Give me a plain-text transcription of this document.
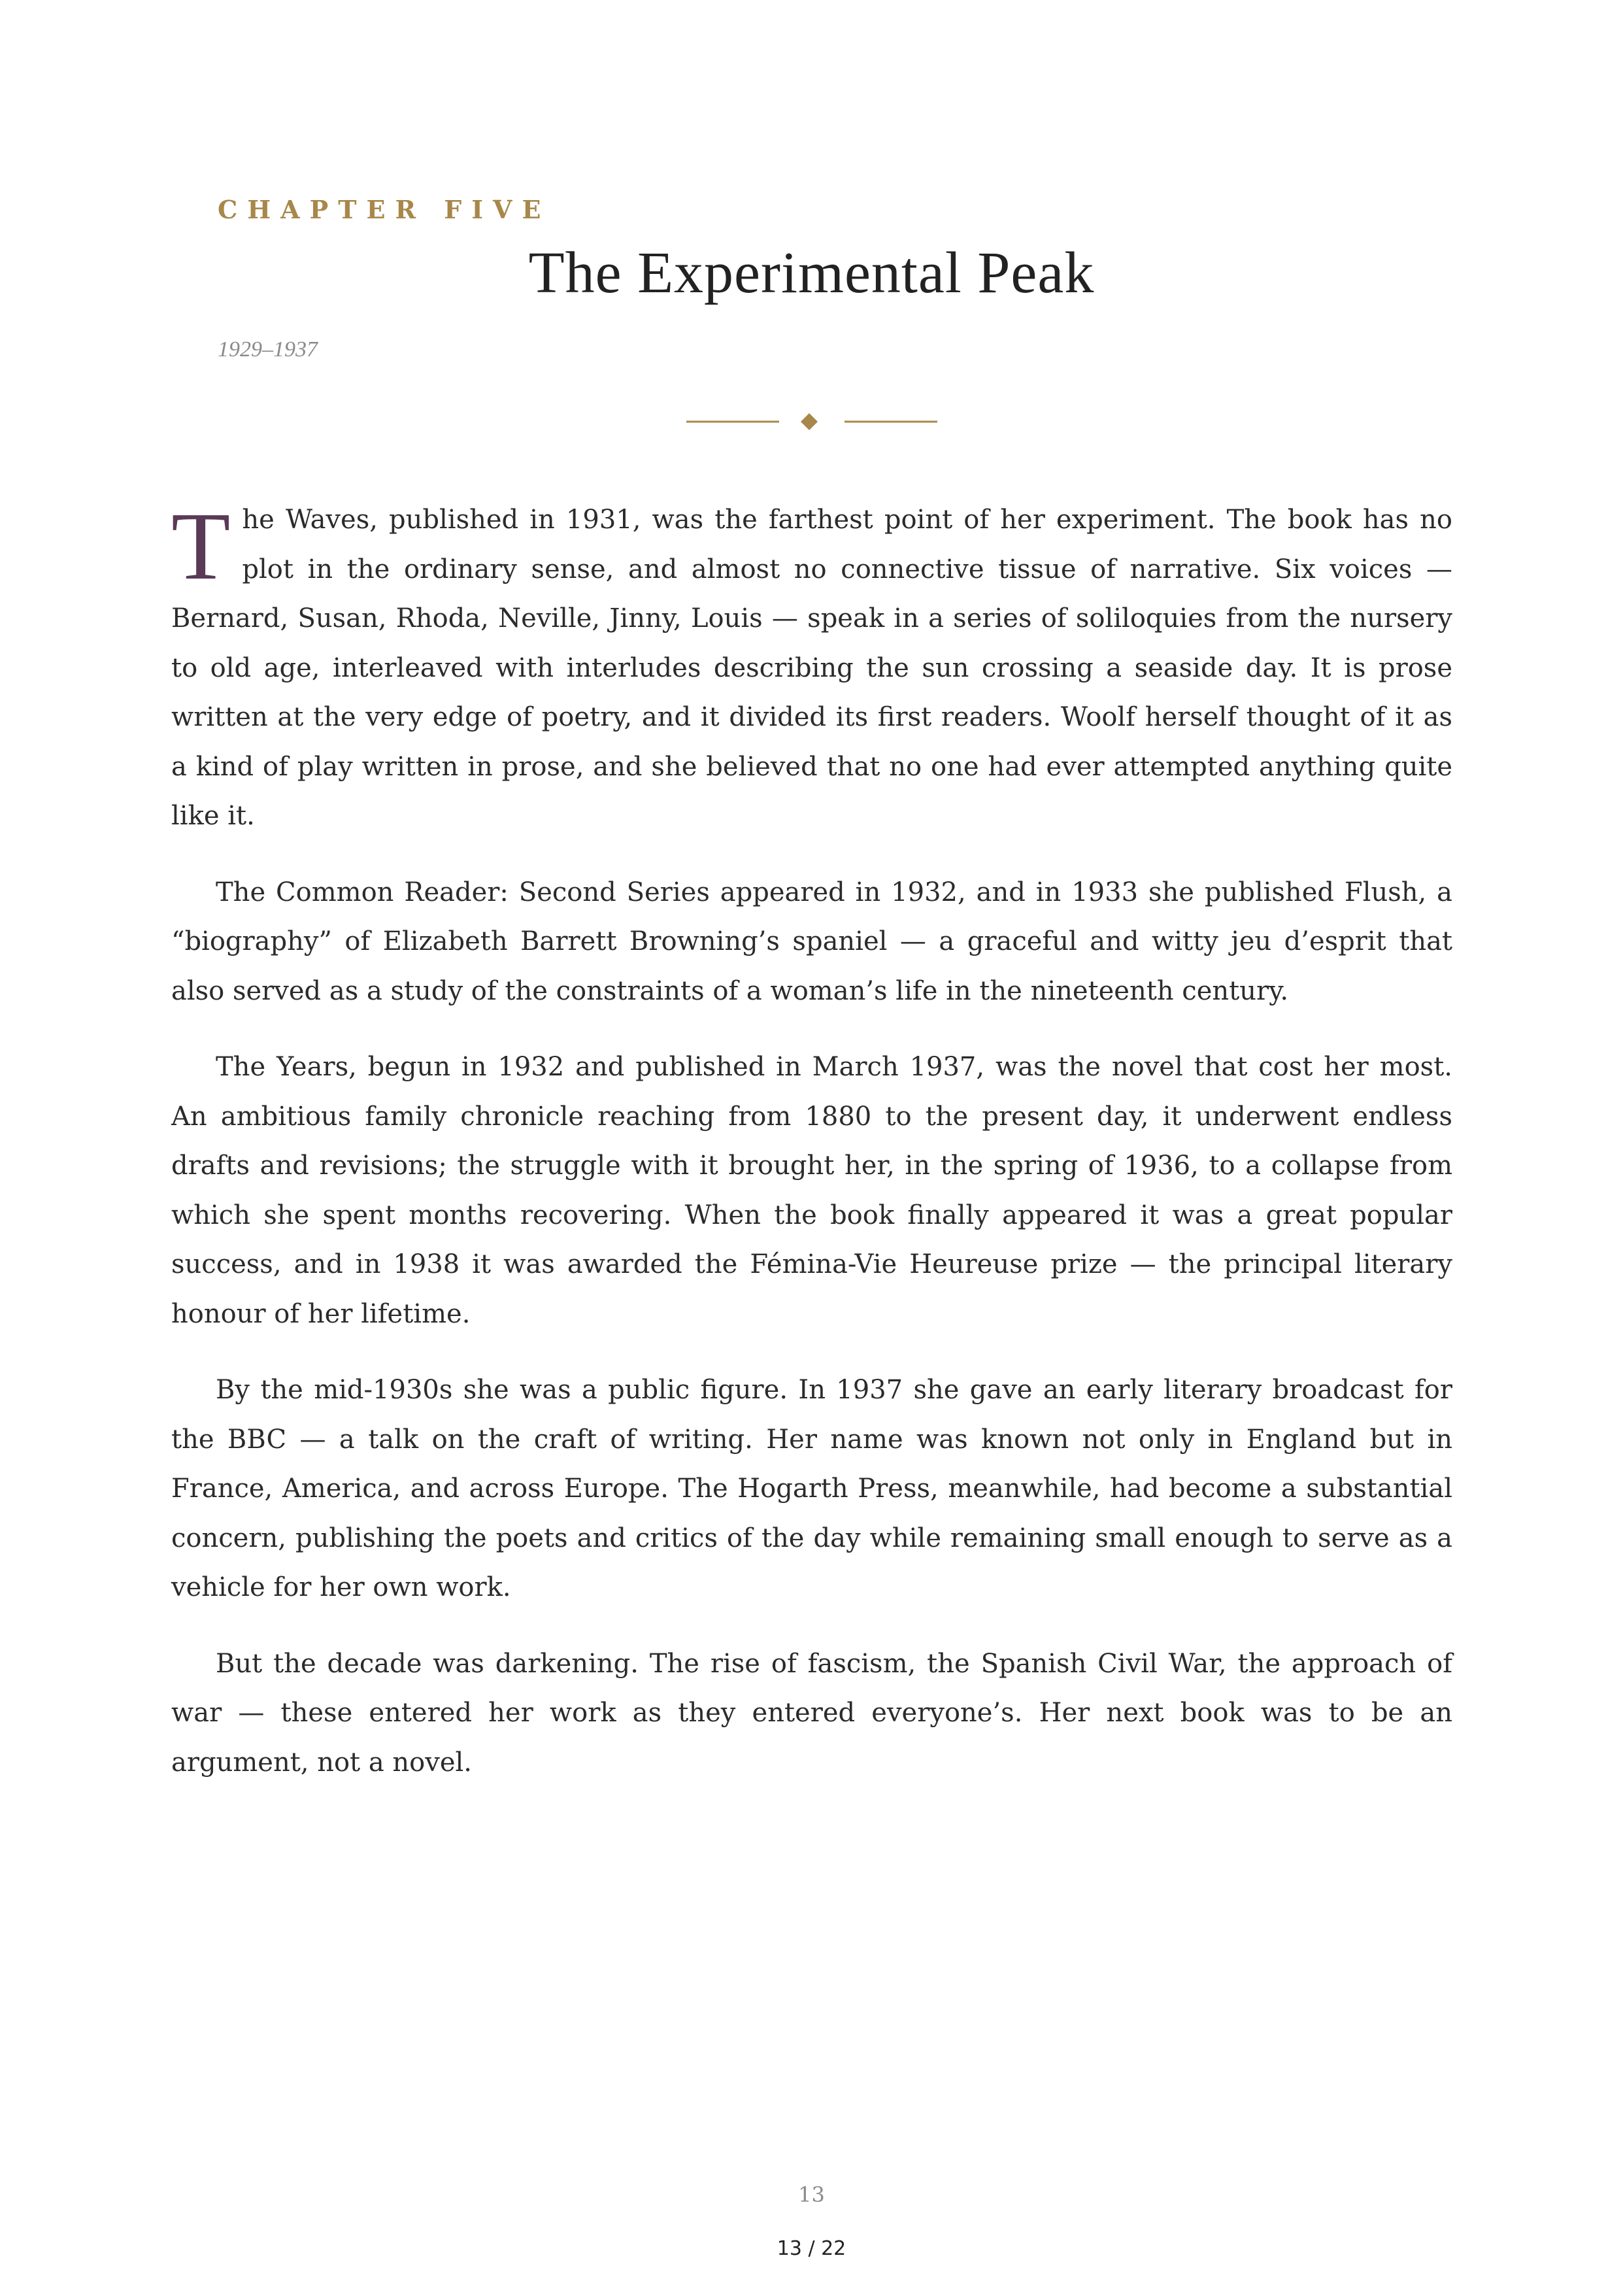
CHAPTER FIVE
The Experimental Peak
1929–1937

The Waves, published in 1931, was the farthest point of her experiment. The book has no plot in the ordinary sense, and almost no connective tissue of narrative. Six voices — Bernard, Susan, Rhoda, Neville, Jinny, Louis — speak in a series of soliloquies from the nursery to old age, interleaved with interludes describing the sun crossing a seaside day. It is prose written at the very edge of poetry, and it divided its first readers. Woolf herself thought of it as a kind of play written in prose, and she believed that no one had ever attempted anything quite like it.

The Common Reader: Second Series appeared in 1932, and in 1933 she published Flush, a “biography” of Elizabeth Barrett Browning’s spaniel — a graceful and witty jeu d’esprit that also served as a study of the constraints of a woman’s life in the nineteenth century.

The Years, begun in 1932 and published in March 1937, was the novel that cost her most. An ambitious family chronicle reaching from 1880 to the present day, it underwent endless drafts and revisions; the struggle with it brought her, in the spring of 1936, to a collapse from which she spent months recovering. When the book finally appeared it was a great popular success, and in 1938 it was awarded the Fémina-Vie Heureuse prize — the principal literary honour of her lifetime.

By the mid-1930s she was a public figure. In 1937 she gave an early literary broadcast for the BBC — a talk on the craft of writing. Her name was known not only in England but in France, America, and across Europe. The Hogarth Press, meanwhile, had become a substantial concern, publishing the poets and critics of the day while remaining small enough to serve as a vehicle for her own work.

But the decade was darkening. The rise of fascism, the Spanish Civil War, the approach of war — these entered her work as they entered everyone’s. Her next book was to be an argument, not a novel.

13
13 / 22
